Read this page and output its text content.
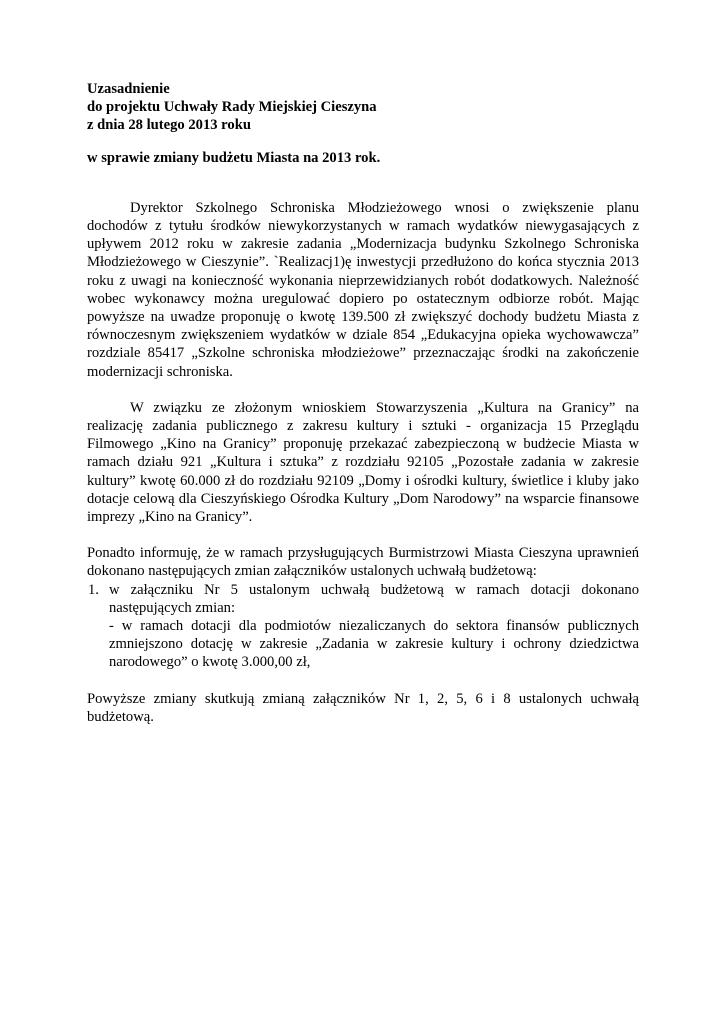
Uzasadnienie
do projektu Uchwały Rady Miejskiej Cieszyna
z dnia 28 lutego 2013 roku
w sprawie zmiany budżetu Miasta na 2013 rok.

Dyrektor Szkolnego Schroniska Młodzieżowego wnosi o zwiększenie planu dochodów z tytułu środków niewykorzystanych w ramach wydatków niewygasających z upływem 2012 roku w zakresie zadania „Modernizacja budynku Szkolnego Schroniska Młodzieżowego w Cieszynie”. `Realizacj1)ę inwestycji przedłużono do końca stycznia 2013 roku z uwagi na konieczność wykonania nieprzewidzianych robót dodatkowych. Należność wobec wykonawcy można uregulować dopiero po ostatecznym odbiorze robót. Mając powyższe na uwadze proponuję o kwotę 139.500 zł zwiększyć dochody budżetu Miasta z równoczesnym zwiększeniem wydatków w dziale 854 „Edukacyjna opieka wychowawcza” rozdziale 85417 „Szkolne schroniska młodzieżowe” przeznaczając środki na zakończenie modernizacji schroniska.

W związku ze złożonym wnioskiem Stowarzyszenia „Kultura na Granicy” na realizację zadania publicznego z zakresu kultury i sztuki - organizacja 15 Przeglądu Filmowego „Kino na Granicy” proponuję przekazać zabezpieczoną w budżecie Miasta w ramach działu 921 „Kultura i sztuka” z rozdziału 92105 „Pozostałe zadania w zakresie kultury” kwotę 60.000 zł do rozdziału 92109 „Domy i ośrodki kultury, świetlice i kluby jako dotacje celową dla Cieszyńskiego Ośrodka Kultury „Dom Narodowy” na wsparcie finansowe imprezy „Kino na Granicy”.

Ponadto informuję, że w ramach przysługujących Burmistrzowi Miasta Cieszyna uprawnień dokonano następujących zmian załączników ustalonych uchwałą budżetową:

1. w załączniku Nr 5 ustalonym uchwałą budżetową w ramach dotacji dokonano następujących zmian:
- w ramach dotacji dla podmiotów niezaliczanych do sektora finansów publicznych zmniejszono dotację w zakresie „Zadania w zakresie kultury i ochrony dziedzictwa narodowego” o kwotę 3.000,00 zł,
Powyższe zmiany skutkują zmianą załączników Nr 1, 2, 5, 6 i 8 ustalonych uchwałą budżetową.
